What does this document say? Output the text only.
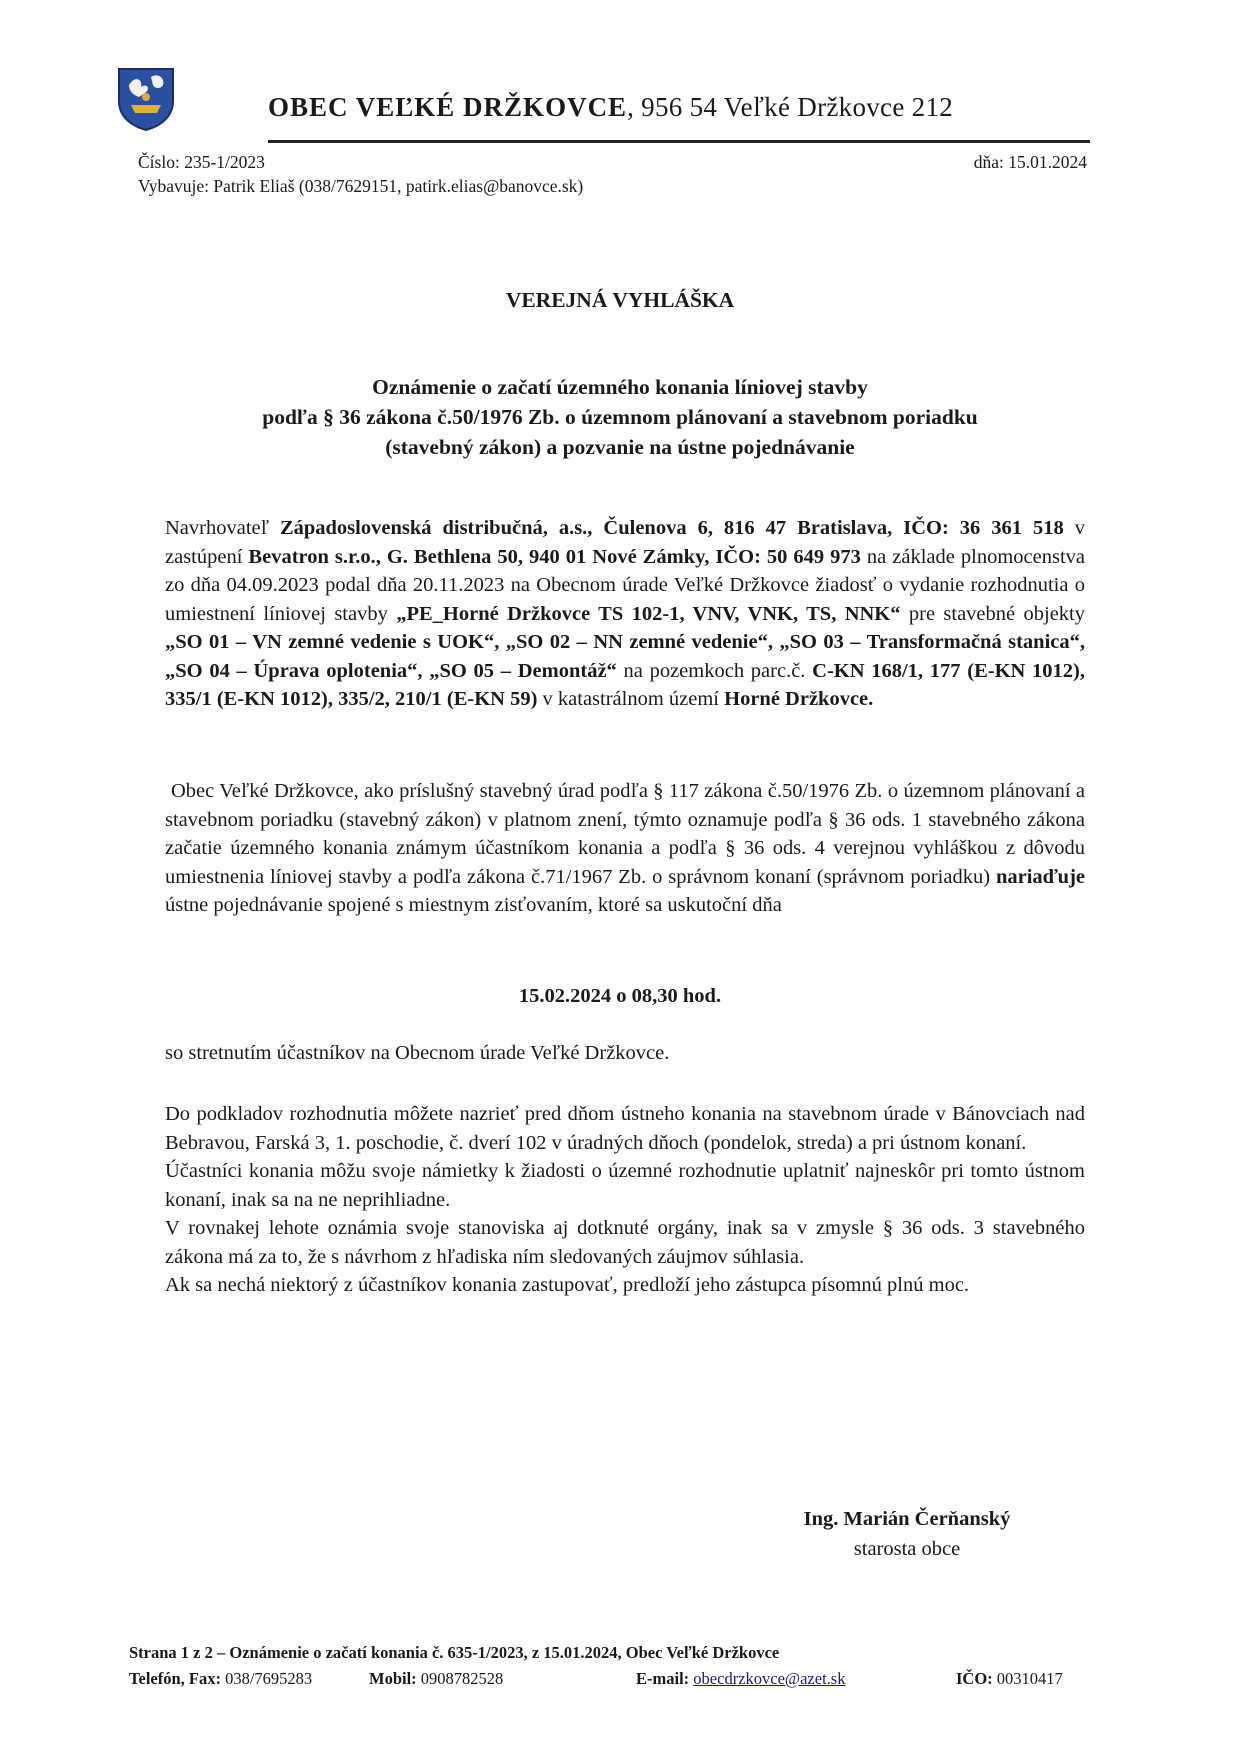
OBEC VEĽKÉ DRŽKOVCE, 956 54 Veľké Držkovce 212
Číslo: 235-1/2023
Vybavuje: Patrik Eliaš (038/7629151, patirk.elias@banovce.sk)
dňa: 15.01.2024
VEREJNÁ VYHLÁŠKA
Oznámenie o začatí územného konania líniovej stavby
podľa § 36 zákona č.50/1976 Zb. o územnom plánovaní a stavebnom poriadku
(stavebný zákon) a pozvanie na ústne pojednávanie

Navrhovateľ Západoslovenská distribučná, a.s., Čulenova 6, 816 47 Bratislava, IČO: 36 361 518 v zastúpení Bevatron s.r.o., G. Bethlena 50, 940 01 Nové Zámky, IČO: 50 649 973 na základe plnomocenstva zo dňa 04.09.2023 podal dňa 20.11.2023 na Obecnom úrade Veľké Držkovce žiadosť o vydanie rozhodnutia o umiestnení líniovej stavby „PE_Horné Držkovce TS 102-1, VNV, VNK, TS, NNK“ pre stavebné objekty „SO 01 – VN zemné vedenie s UOK“, „SO 02 – NN zemné vedenie“, „SO 03 – Transformačná stanica“, „SO 04 – Úprava oplotenia“, „SO 05 – Demontáž“ na pozemkoch parc.č. C-KN 168/1, 177 (E-KN 1012), 335/1 (E-KN 1012), 335/2, 210/1 (E-KN 59) v katastrálnom území Horné Držkovce.

Obec Veľké Držkovce, ako príslušný stavebný úrad podľa § 117 zákona č.50/1976 Zb. o územnom plánovaní a stavebnom poriadku (stavebný zákon) v platnom znení, týmto oznamuje podľa § 36 ods. 1 stavebného zákona začatie územného konania známym účastníkom konania a podľa § 36 ods. 4 verejnou vyhláškou z dôvodu umiestnenia líniovej stavby a podľa zákona č.71/1967 Zb. o správnom konaní (správnom poriadku) nariaďuje ústne pojednávanie spojené s miestnym zisťovaním, ktoré sa uskutoční dňa

15.02.2024 o 08,30 hod.
so stretnutím účastníkov na Obecnom úrade Veľké Držkovce.

Do podkladov rozhodnutia môžete nazrieť pred dňom ústneho konania na stavebnom úrade v Bánovciach nad Bebravou, Farská 3, 1. poschodie, č. dverí 102 v úradných dňoch (pondelok, streda) a pri ústnom konaní.

Účastníci konania môžu svoje námietky k žiadosti o územné rozhodnutie uplatniť najneskôr pri tomto ústnom konaní, inak sa na ne neprihliadne.

V rovnakej lehote oznámia svoje stanoviska aj dotknuté orgány, inak sa v zmysle § 36 ods. 3 stavebného zákona má za to, že s návrhom z hľadiska ním sledovaných záujmov súhlasia.

Ak sa nechá niektorý z účastníkov konania zastupovať, predloží jeho zástupca písomnú plnú moc.

Ing. Marián Čerňanský
starosta obce
Strana 1 z 2 – Oznámenie o začatí konania č. 635-1/2023, z 15.01.2024, Obec Veľké Držkovce
Telefón, Fax: 038/7695283	Mobil: 0908782528	E-mail: obecdrzkovce@azet.sk	IČO: 00310417
